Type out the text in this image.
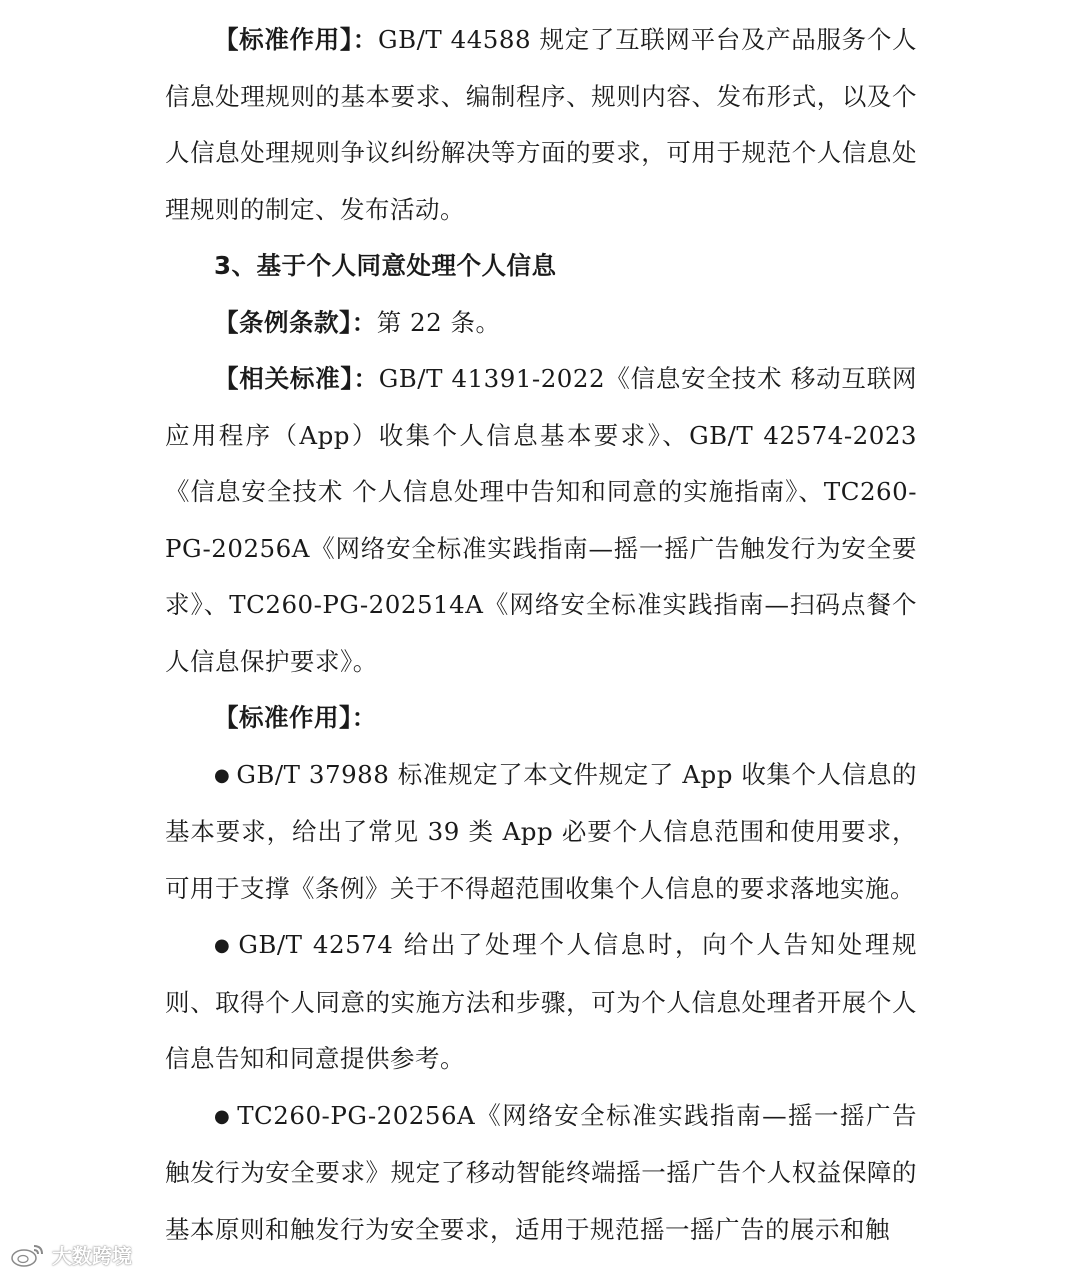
【标准作用】：GB/T 44588 规定了互联网平台及产品服务个人信息处理规则的基本要求、编制程序、规则内容、发布形式，以及个人信息处理规则争议纠纷解决等方面的要求，可用于规范个人信息处理规则的制定、发布活动。

3、基于个人同意处理个人信息

【条例条款】：第 22 条。

【相关标准】：GB/T 41391-2022《信息安全技术 移动互联网应用程序（App）收集个人信息基本要求》、GB/T 42574-2023《信息安全技术 个人信息处理中告知和同意的实施指南》、TC260-PG-20256A《网络安全标准实践指南—摇一摇广告触发行为安全要求》、TC260-PG-202514A《网络安全标准实践指南—扫码点餐个人信息保护要求》。

【标准作用】：

● GB/T 37988 标准规定了本文件规定了 App 收集个人信息的基本要求，给出了常见 39 类 App 必要个人信息范围和使用要求，可用于支撑《条例》关于不得超范围收集个人信息的要求落地实施。

● GB/T 42574 给出了处理个人信息时，向个人告知处理规则、取得个人同意的实施方法和步骤，可为个人信息处理者开展个人信息告知和同意提供参考。

● TC260-PG-20256A《网络安全标准实践指南—摇一摇广告触发行为安全要求》规定了移动智能终端摇一摇广告个人权益保障的基本原则和触发行为安全要求，适用于规范摇一摇广告的展示和触

大数跨境
